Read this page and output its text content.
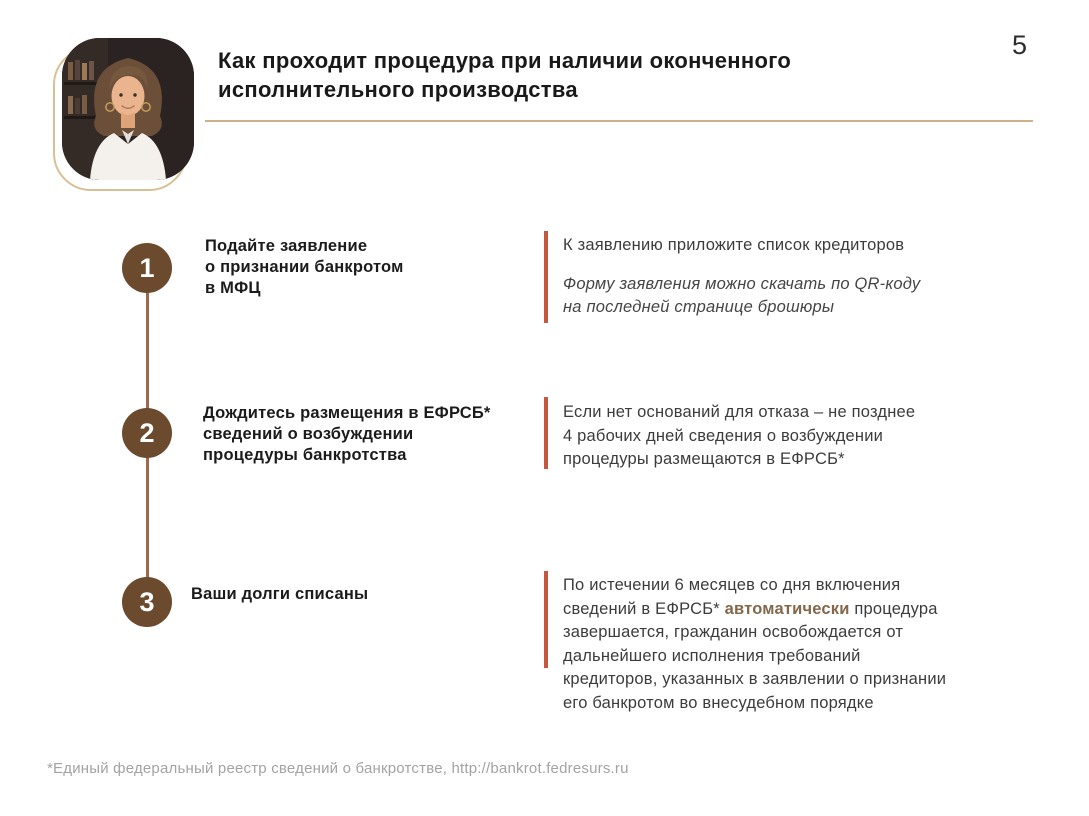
Как проходит процедура при наличии оконченного
исполнительного производства
5
1
2
3
Подайте заявление
о признании банкротом
в МФЦ
К заявлению приложите список кредиторов
Форму заявления можно скачать по QR-коду
на последней странице брошюры
Дождитесь размещения в ЕФРСБ*
сведений о возбуждении
процедуры банкротства
Если нет оснований для отказа – не позднее
4 рабочих дней сведения о возбуждении
процедуры размещаются в ЕФРСБ*
Ваши долги списаны	По истечении 6 месяцев со дня включения
сведений в ЕФРСБ* автоматически процедура
завершается, гражданин освобождается от
дальнейшего исполнения требований
кредиторов, указанных в заявлении о признании
его банкротом во внесудебном порядке
*Единый федеральный реестр сведений о банкротстве, http://bankrot.fedresurs.ru
